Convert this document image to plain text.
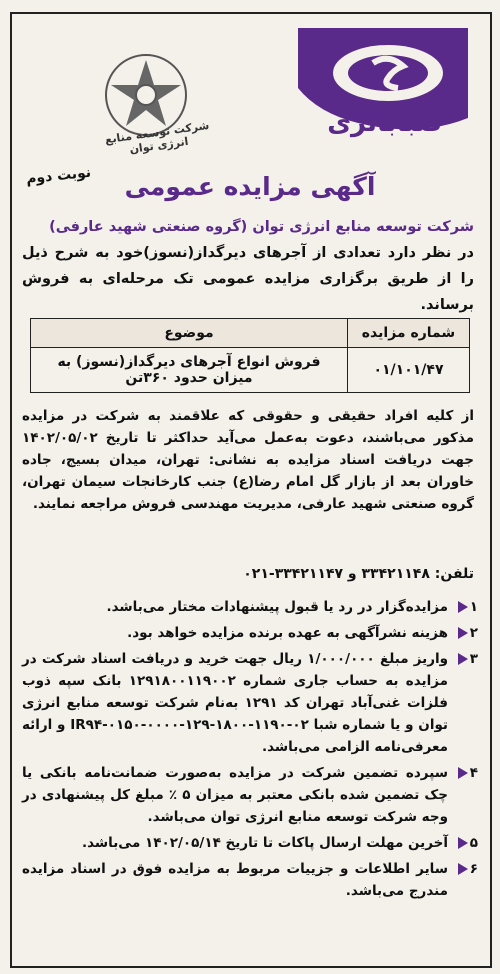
صباباتری
شرکت توسعه منابع انرژی توان
نوبت دوم	آگهی مزایده عمومی
شرکت توسعه منابع انرژی توان (گروه صنعتی شهید عارفی)
در نظر دارد تعدادی از آجرهای دیرگداز(نسوز)خود به شرح ذیل را از طریق برگزاری مزایده عمومی تک مرحله‌ای به فروش برساند.
شماره مزایده	موضوع
۰۱/۱۰۱/۴۷	فروش انواع آجرهای دیرگداز(نسوز) به میزان حدود ۳۶۰تن
از کلیه افراد حقیقی و حقوقی که علاقمند به شرکت در مزایده مذکور می‌باشند، دعوت به‌عمل می‌آید حداکثر تا تاریخ ۱۴۰۲/۰۵/۰۲ جهت دریافت اسناد مزایده به نشانی: تهران، میدان بسیج، جاده خاوران بعد از بازار گل امام رضا(ع) جنب کارخانجات سیمان تهران، گروه صنعتی شهید عارفی، مدیریت مهندسی فروش مراجعه نمایند.
تلفن: ۳۳۴۲۱۱۴۸ و ۳۳۴۲۱۱۴۷-۰۲۱
۱
مزایده‌گزار در رد یا قبول پیشنهادات مختار می‌باشد.
۲
هزینه نشرآگهی به عهده برنده مزایده خواهد بود.
۳
واریز مبلغ ۱/۰۰۰/۰۰۰ ریال جهت خرید و دریافت اسناد شرکت در مزایده به حساب جاری شماره ۱۲۹۱۸۰۰۱۱۹۰۰۲ بانک سپه ذوب فلزات غنی‌آباد تهران کد ۱۲۹۱ به‌نام شرکت توسعه منابع انرژی توان و یا شماره شبا ۰۲-۱۱۹۰-۱۸۰۰-۱۲۹-۰۰۰۰-۰۱۵۰-IR۹۴ و ارائه معرفی‌نامه الزامی می‌باشد.
۴
سپرده تضمین شرکت در مزایده به‌صورت ضمانت‌نامه بانکی یا چک تضمین شده بانکی معتبر به میزان ۵ ٪ مبلغ کل پیشنهادی در وجه شرکت توسعه منابع انرژی توان می‌باشد.
۵
آخرین مهلت ارسال پاکات تا تاریخ ۱۴۰۲/۰۵/۱۴ می‌باشد.
۶
سایر اطلاعات و جزییات مربوط به مزایده فوق در اسناد مزایده مندرج می‌باشد.
